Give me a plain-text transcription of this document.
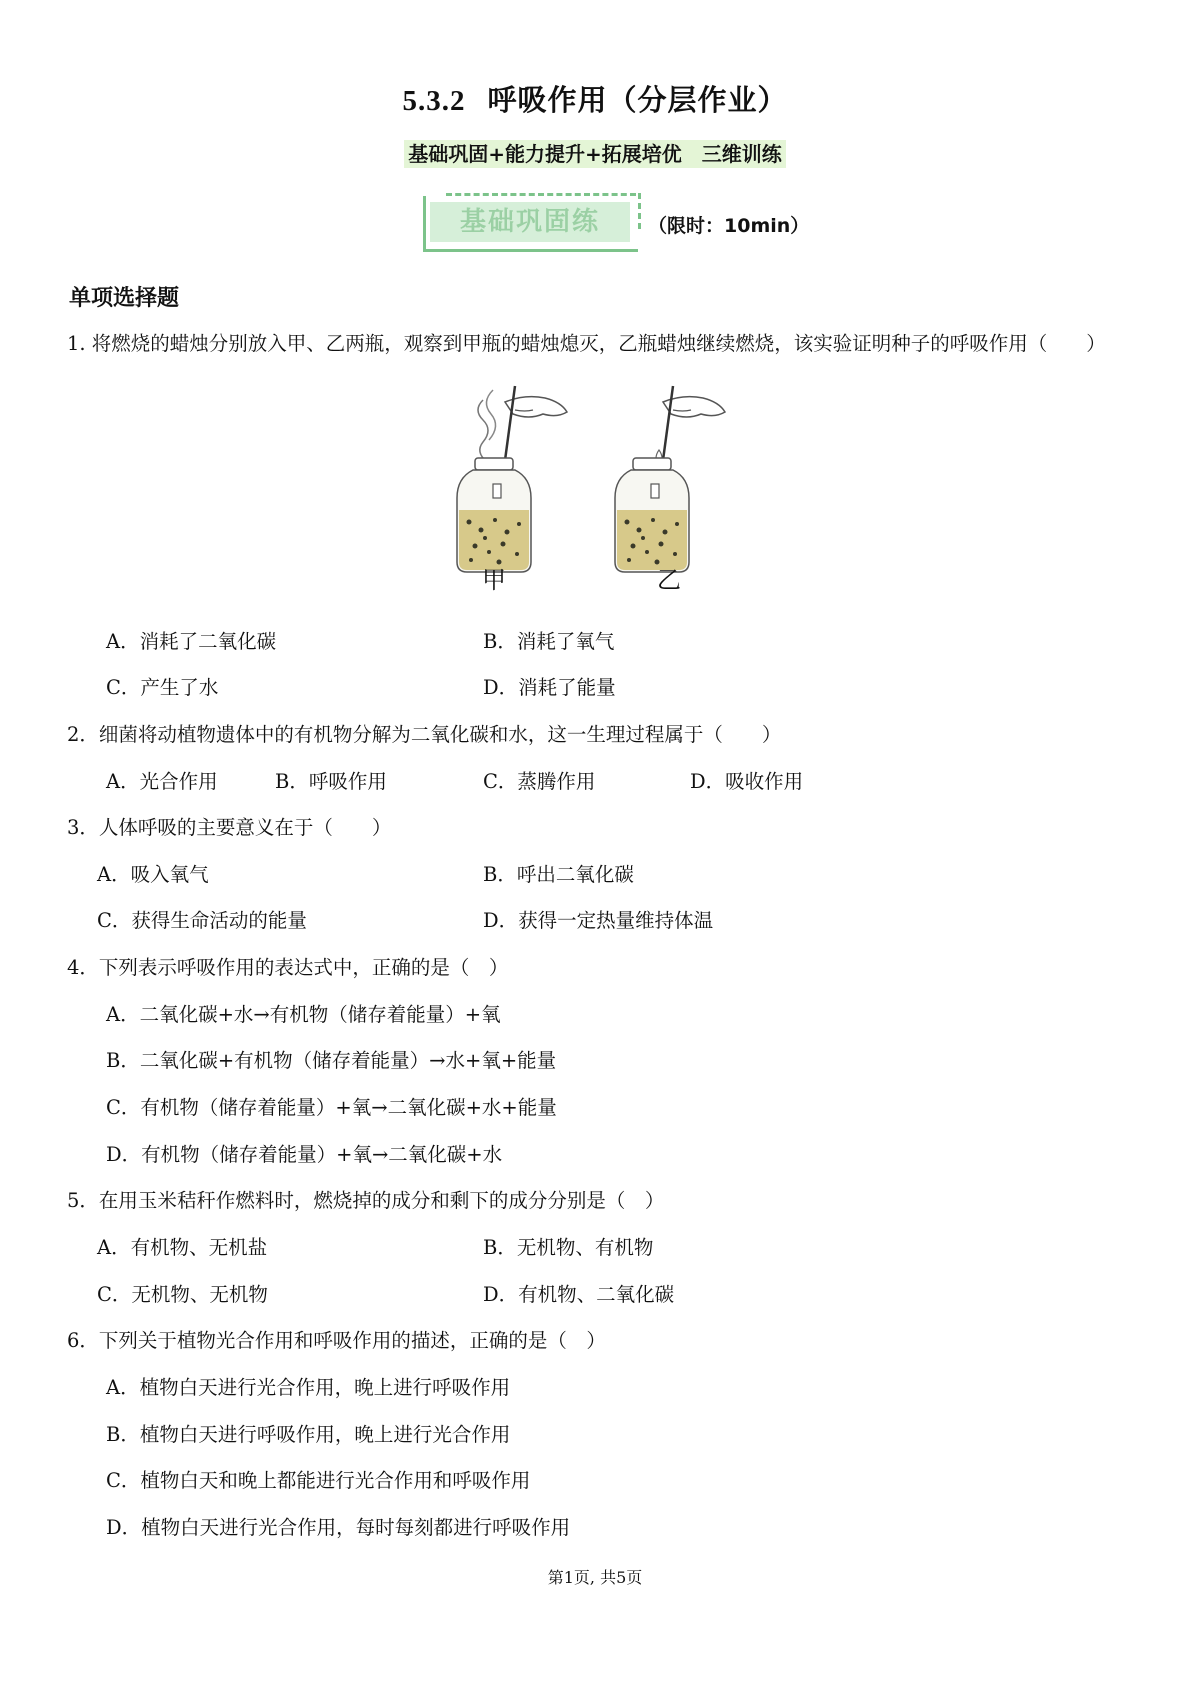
5.3.2 呼吸作用（分层作业）
基础巩固+能力提升+拓展培优　三维训练
基础巩固练	（限时：10min）
单项选择题
1. 将燃烧的蜡烛分别放入甲、乙两瓶，观察到甲瓶的蜡烛熄灭，乙瓶蜡烛继续燃烧，该实验证明种子的呼吸作用（　　）
甲	乙
A．消耗了二氧化碳	B．消耗了氧气
C．产生了水	D．消耗了能量
2．细菌将动植物遗体中的有机物分解为二氧化碳和水，这一生理过程属于（　　）
A．光合作用	B．呼吸作用	C．蒸腾作用	D．吸收作用
3．人体呼吸的主要意义在于（　　）
A．吸入氧气	B．呼出二氧化碳
C．获得生命活动的能量	D．获得一定热量维持体温
4．下列表示呼吸作用的表达式中，正确的是（　）
A．二氧化碳+水→有机物（储存着能量）+氧
B．二氧化碳+有机物（储存着能量）→水+氧+能量
C．有机物（储存着能量）+氧→二氧化碳+水+能量
D．有机物（储存着能量）+氧→二氧化碳+水
5．在用玉米秸秆作燃料时，燃烧掉的成分和剩下的成分分别是（　）
A．有机物、无机盐	B．无机物、有机物
C．无机物、无机物	D．有机物、二氧化碳
6．下列关于植物光合作用和呼吸作用的描述，正确的是（　）
A．植物白天进行光合作用，晚上进行呼吸作用
B．植物白天进行呼吸作用，晚上进行光合作用
C．植物白天和晚上都能进行光合作用和呼吸作用
D．植物白天进行光合作用，每时每刻都进行呼吸作用
第1页, 共5页
